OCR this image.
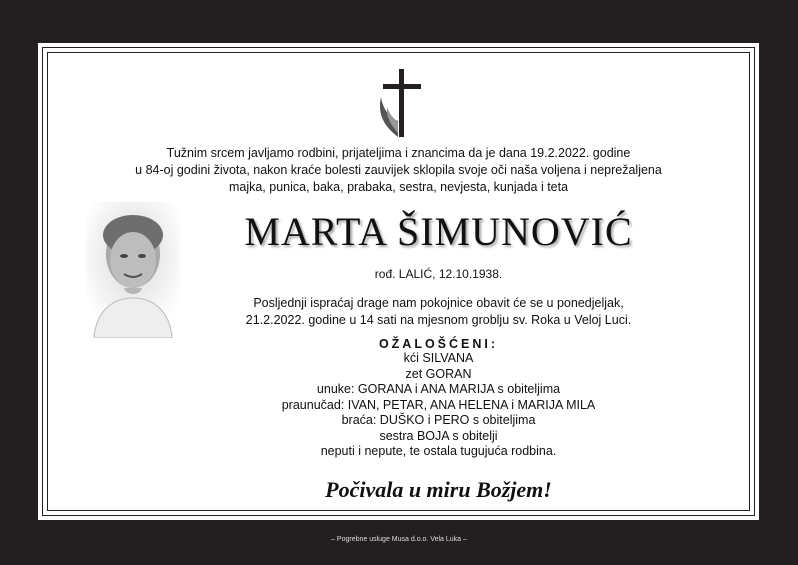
Tužnim srcem javljamo rodbini, prijateljima i znancima da je dana 19.2.2022. godine
u 84-oj godini života, nakon kraće bolesti zauvijek sklopila svoje oči naša voljena i neprežaljena
majka, punica, baka, prabaka, sestra, nevjesta, kunjada i teta
MARTA ŠIMUNOVIĆ
rođ. LALIĆ, 12.10.1938.
Posljednji ispraćaj drage nam pokojnice obavit će se u ponedjeljak,
21.2.2022. godine u 14 sati na mjesnom groblju sv. Roka u Veloj Luci.
OŽALOŠĆENI:
kći SILVANA
zet GORAN
unuke: GORANA i ANA MARIJA s obiteljima
praunučad: IVAN, PETAR, ANA HELENA i MARIJA MILA
braća: DUŠKO i PERO s obiteljima
sestra BOJA s obitelji
neputi i nepute, te ostala tugujuća rodbina.
Počivala u miru Božjem!
– Pogrebne usluge Musa d.o.o. Vela Luka –
